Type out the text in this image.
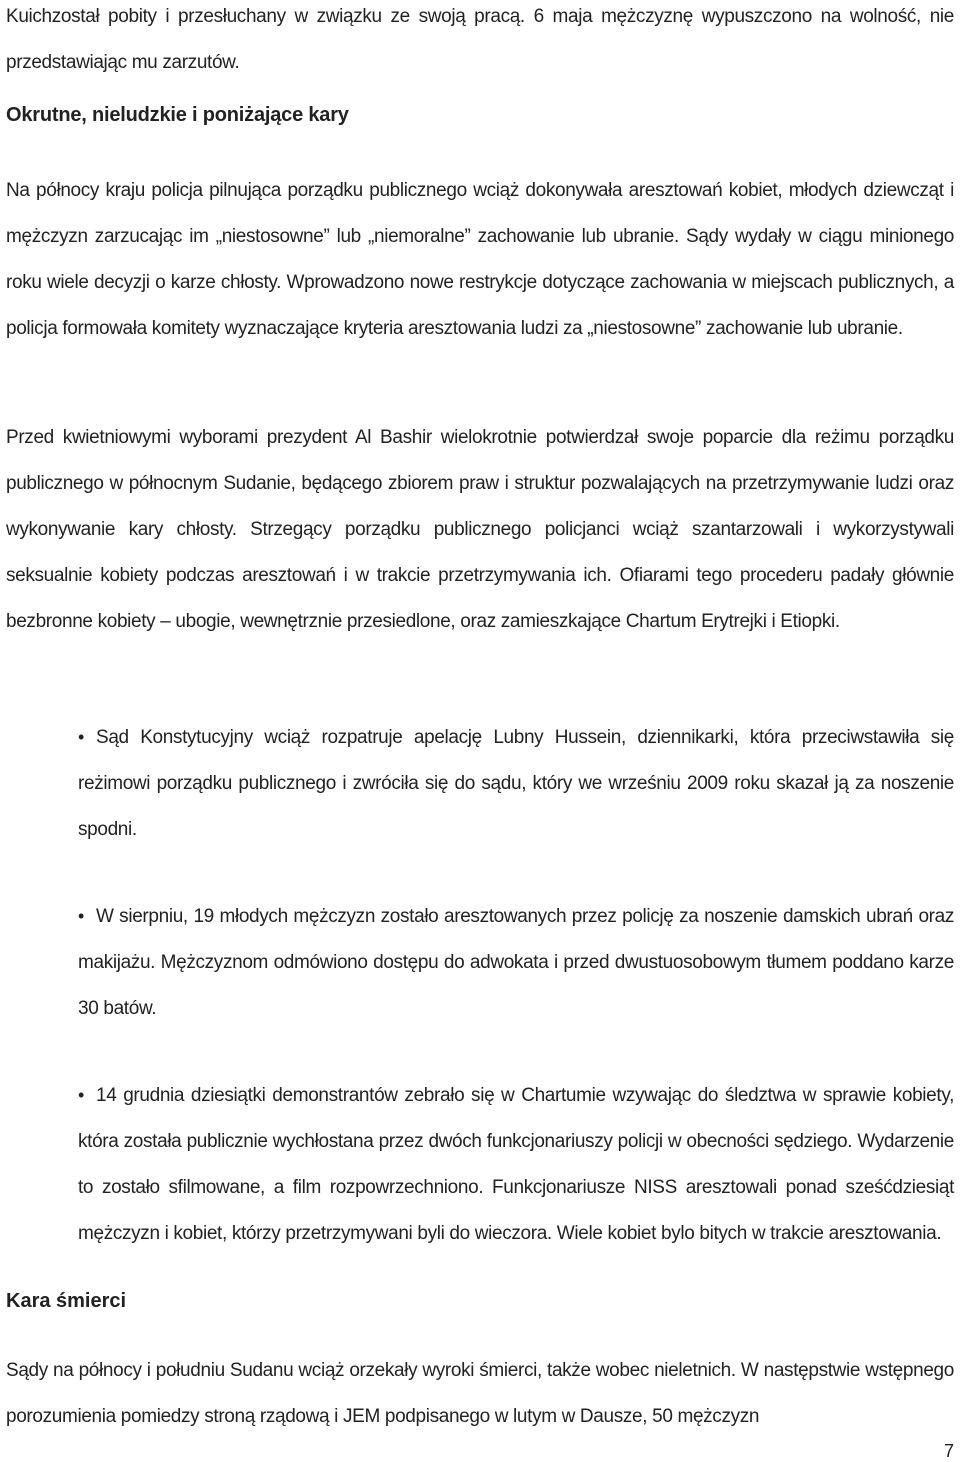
Kuichzostał pobity i przesłuchany w związku ze swoją pracą. 6 maja mężczyznę wypuszczono na wolność, nie przedstawiając mu zarzutów.

Okrutne, nieludzkie i poniżające kary

Na północy kraju policja pilnująca porządku publicznego wciąż dokonywała aresztowań kobiet, młodych dziewcząt i mężczyzn zarzucając im „niestosowne” lub „niemoralne” zachowanie lub ubranie. Sądy wydały w ciągu minionego roku wiele decyzji o karze chłosty. Wprowadzono nowe restrykcje dotyczące zachowania w miejscach publicznych, a policja formowała komitety wyznaczające kryteria aresztowania ludzi za „niestosowne” zachowanie lub ubranie.

Przed kwietniowymi wyborami prezydent Al Bashir wielokrotnie potwierdzał swoje poparcie dla reżimu porządku publicznego w północnym Sudanie, będącego zbiorem praw i struktur pozwalających na przetrzymywanie ludzi oraz wykonywanie kary chłosty. Strzegący porządku publicznego policjanci wciąż szantarzowali i wykorzystywali seksualnie kobiety podczas aresztowań i w trakcie przetrzymywania ich. Ofiarami tego procederu padały głównie bezbronne kobiety – ubogie, wewnętrznie przesiedlone, oraz zamieszkające Chartum Erytrejki i Etiopki.

• Sąd Konstytucyjny wciąż rozpatruje apelację Lubny Hussein, dziennikarki, która przeciwstawiła się reżimowi porządku publicznego i zwróciła się do sądu, który we wrześniu 2009 roku skazał ją za noszenie spodni.
• W sierpniu, 19 młodych mężczyzn zostało aresztowanych przez policję za noszenie damskich ubrań oraz makijażu. Mężczyznom odmówiono dostępu do adwokata i przed dwustuosobowym tłumem poddano karze 30 batów.
• 14 grudnia dziesiątki demonstrantów zebrało się w Chartumie wzywając do śledztwa w sprawie kobiety, która została publicznie wychłostana przez dwóch funkcjonariuszy policji w obecności sędziego. Wydarzenie to zostało sfilmowane, a film rozpowrzechniono. Funkcjonariusze NISS aresztowali ponad sześćdziesiąt mężczyzn i kobiet, którzy przetrzymywani byli do wieczora. Wiele kobiet bylo bitych w trakcie aresztowania.
Kara śmierci

Sądy na północy i południu Sudanu wciąż orzekały wyroki śmierci, także wobec nieletnich. W następstwie wstępnego porozumienia pomiedzy stroną rządową i JEM podpisanego w lutym w Dausze, 50 mężczyzn

7
